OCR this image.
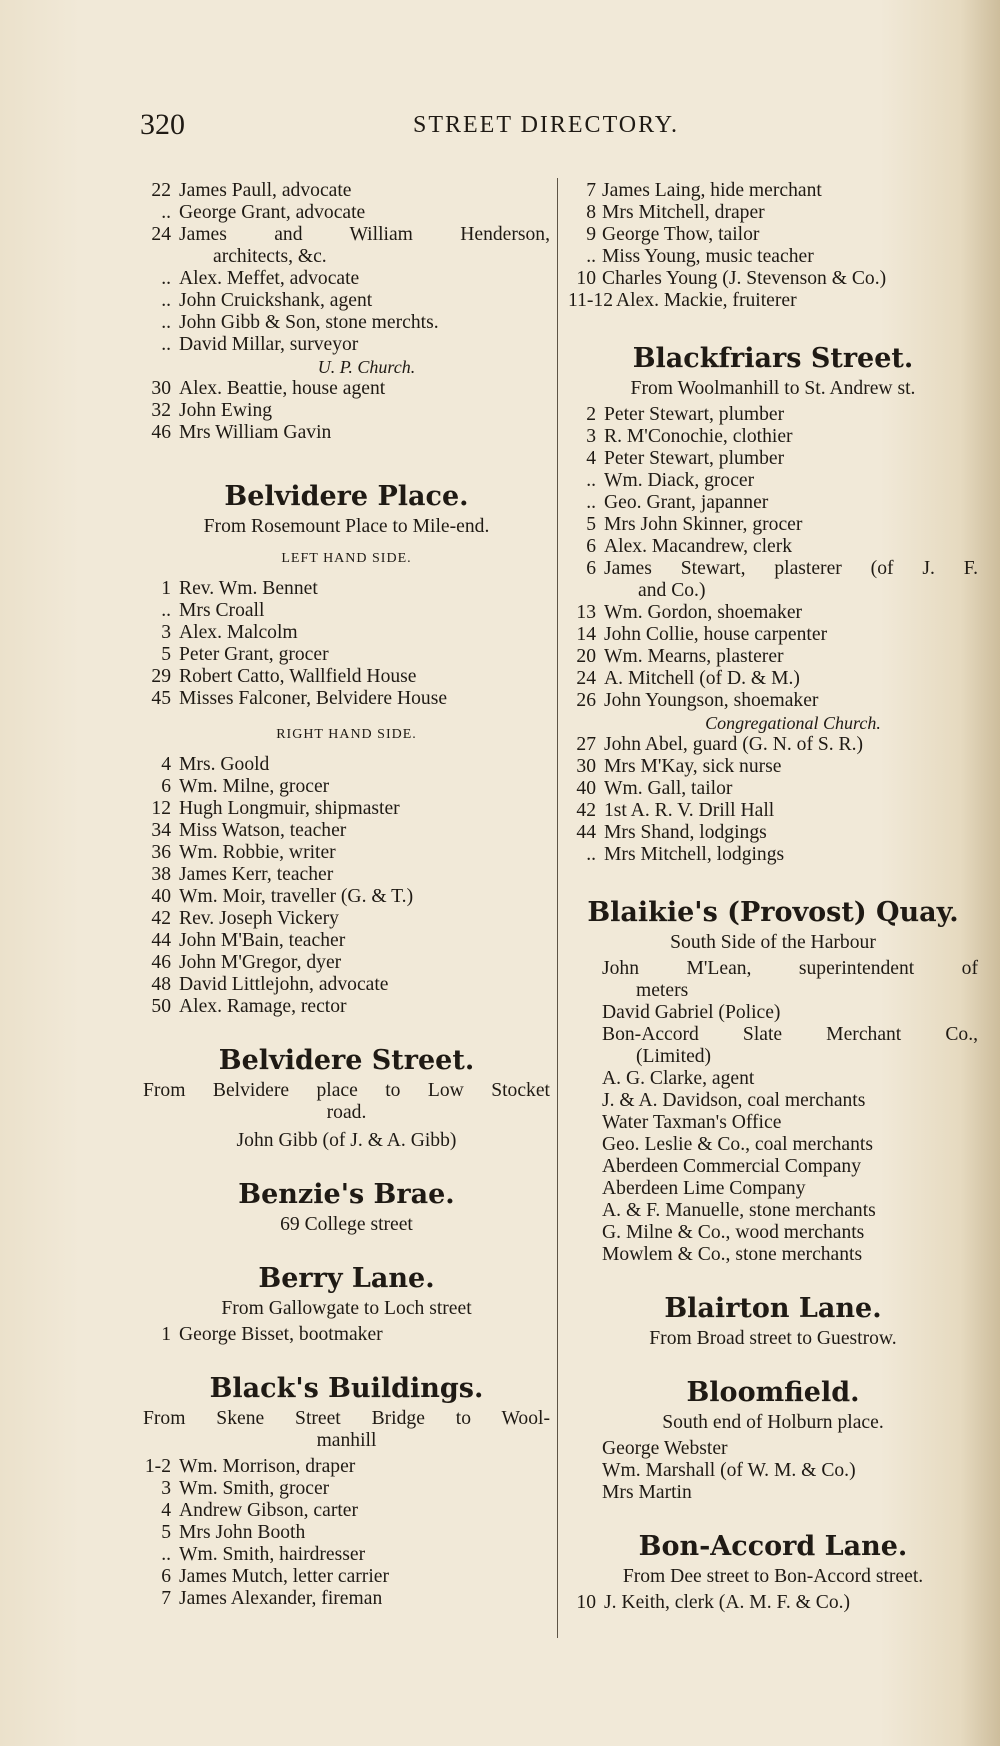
320	STREET DIRECTORY.
22 James Paull, advocate
.. George Grant, advocate
24 James and William Henderson,
architects, &c.
.. Alex. Meffet, advocate
.. John Cruickshank, agent
.. John Gibb & Son, stone merchts.
.. David Millar, surveyor
U. P. Church.
30 Alex. Beattie, house agent
32 John Ewing
46 Mrs William Gavin
Belvidere Place.
From Rosemount Place to Mile-end.
LEFT HAND SIDE.
1 Rev. Wm. Bennet
.. Mrs Croall
3 Alex. Malcolm
5 Peter Grant, grocer
29 Robert Catto, Wallfield House
45 Misses Falconer, Belvidere House
RIGHT HAND SIDE.
4 Mrs. Goold
6 Wm. Milne, grocer
12 Hugh Longmuir, shipmaster
34 Miss Watson, teacher
36 Wm. Robbie, writer
38 James Kerr, teacher
40 Wm. Moir, traveller (G. & T.)
42 Rev. Joseph Vickery
44 John M'Bain, teacher
46 John M'Gregor, dyer
48 David Littlejohn, advocate
50 Alex. Ramage, rector
Belvidere Street.
From Belvidere place to Low Stocket
road.
John Gibb (of J. & A. Gibb)
Benzie's Brae.
69 College street
Berry Lane.
From Gallowgate to Loch street
1 George Bisset, bootmaker
Black's Buildings.
From Skene Street Bridge to Wool-
manhill
1-2 Wm. Morrison, draper
3 Wm. Smith, grocer
4 Andrew Gibson, carter
5 Mrs John Booth
.. Wm. Smith, hairdresser
6 James Mutch, letter carrier
7 James Alexander, fireman
7 James Laing, hide merchant
8 Mrs Mitchell, draper
9 George Thow, tailor
.. Miss Young, music teacher
10 Charles Young (J. Stevenson & Co.)
11-12 Alex. Mackie, fruiterer
Blackfriars Street.
From Woolmanhill to St. Andrew st.
2 Peter Stewart, plumber
3 R. M'Conochie, clothier
4 Peter Stewart, plumber
.. Wm. Diack, grocer
.. Geo. Grant, japanner
5 Mrs John Skinner, grocer
6 Alex. Macandrew, clerk
6 James Stewart, plasterer (of J. F.
and Co.)
13 Wm. Gordon, shoemaker
14 John Collie, house carpenter
20 Wm. Mearns, plasterer
24 A. Mitchell (of D. & M.)
26 John Youngson, shoemaker
Congregational Church.
27 John Abel, guard (G. N. of S. R.)
30 Mrs M'Kay, sick nurse
40 Wm. Gall, tailor
42 1st A. R. V. Drill Hall
44 Mrs Shand, lodgings
.. Mrs Mitchell, lodgings
Blaikie's (Provost) Quay.
South Side of the Harbour
John M'Lean, superintendent of
meters
David Gabriel (Police)
Bon-Accord Slate Merchant Co.,
(Limited)
A. G. Clarke, agent
J. & A. Davidson, coal merchants
Water Taxman's Office
Geo. Leslie & Co., coal merchants
Aberdeen Commercial Company
Aberdeen Lime Company
A. & F. Manuelle, stone merchants
G. Milne & Co., wood merchants
Mowlem & Co., stone merchants
Blairton Lane.
From Broad street to Guestrow.
Bloomfield.
South end of Holburn place.
George Webster
Wm. Marshall (of W. M. & Co.)
Mrs Martin
Bon-Accord Lane.
From Dee street to Bon-Accord street.
10 J. Keith, clerk (A. M. F. & Co.)
